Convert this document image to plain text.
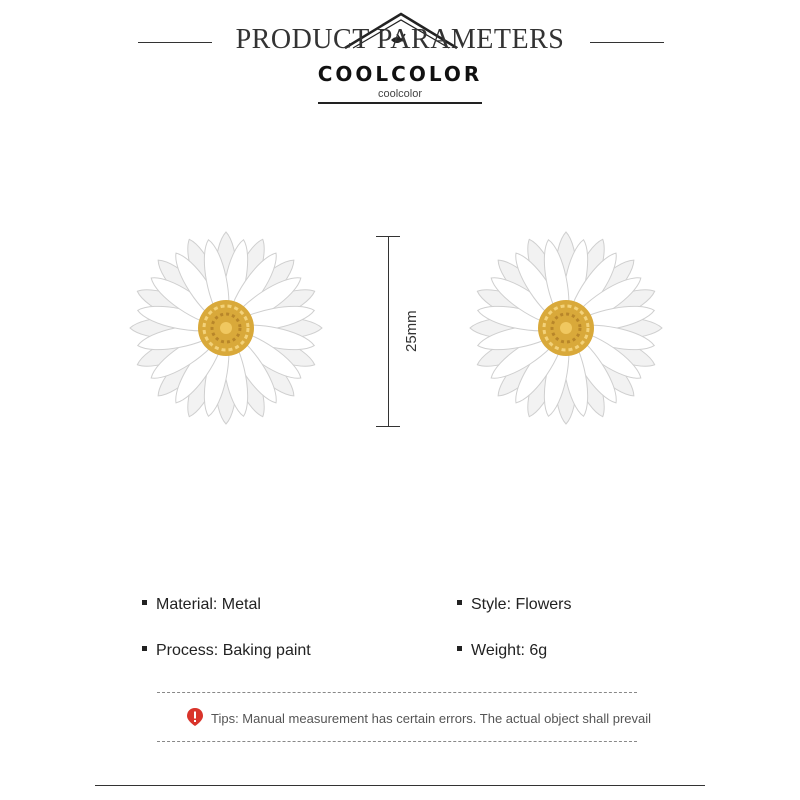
PRODUCT PARAMETERS
COOLCOLOR
coolcolor
25mm
Material: Metal	Style: Flowers
Process: Baking paint	Weight: 6g
Tips: Manual measurement has certain errors. The actual object shall prevail
